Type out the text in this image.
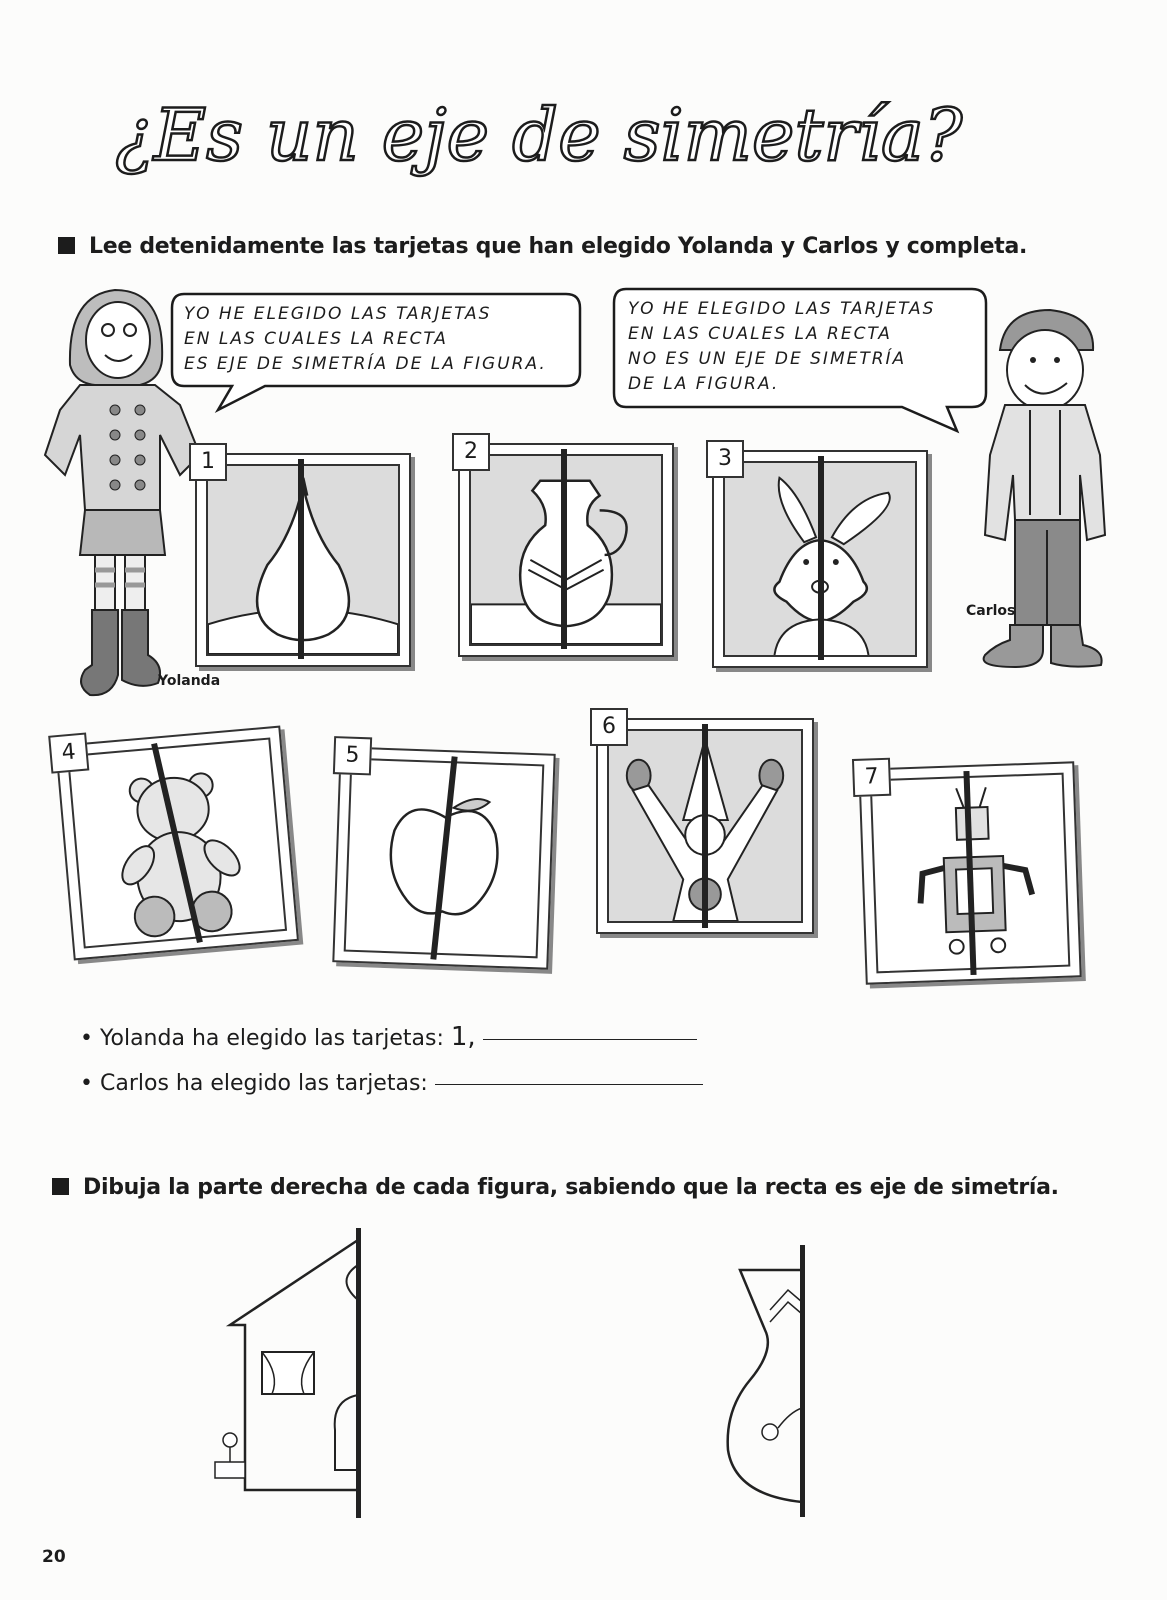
¿Es un eje de simetría?
Lee detenidamente las tarjetas que han elegido Yolanda y Carlos y completa.
Yolanda
Carlos
YO HE ELEGIDO LAS TARJETAS
EN LAS CUALES LA RECTA
ES EJE DE SIMETRÍA DE LA FIGURA.
YO HE ELEGIDO LAS TARJETAS
EN LAS CUALES LA RECTA
NO ES UN EJE DE SIMETRÍA
DE LA FIGURA.
1	2	3
4	5
6
7
• Yolanda ha elegido las tarjetas: 1,
• Carlos ha elegido las tarjetas:
Dibuja la parte derecha de cada figura, sabiendo que la recta es eje de simetría.
20
